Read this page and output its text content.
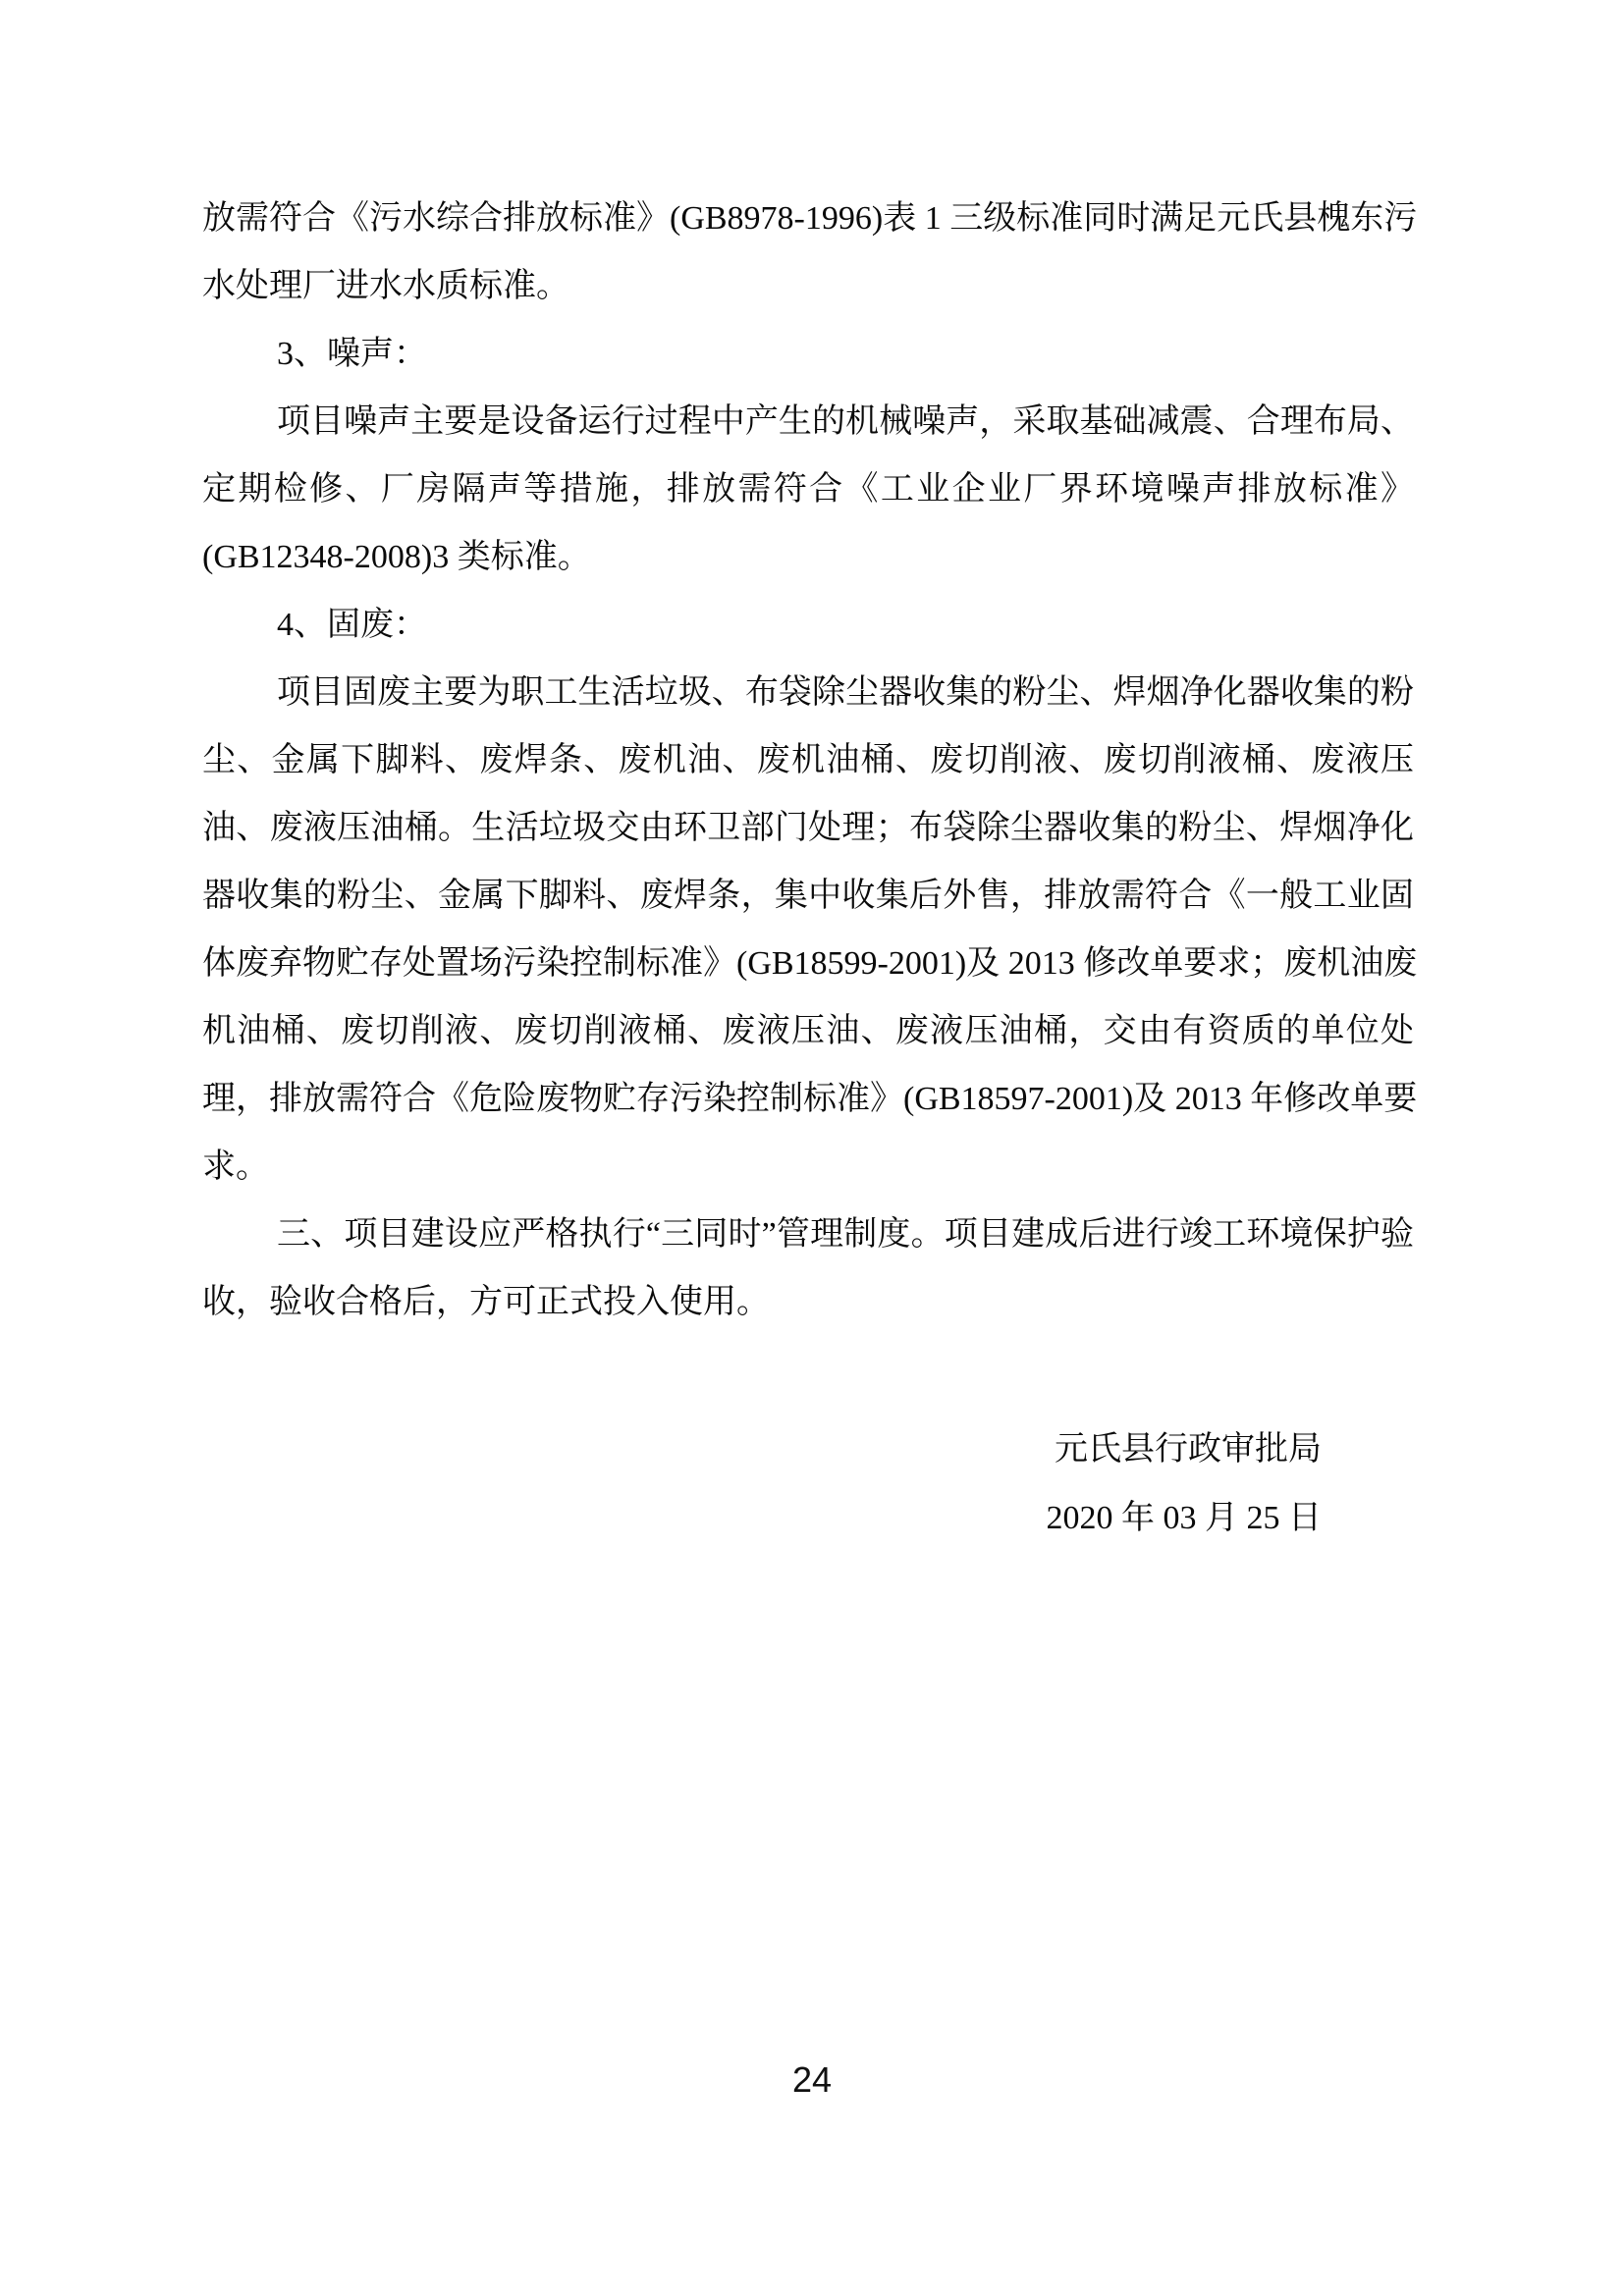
放需符合《污水综合排放标准》(GB8978-1996)表 1 三级标准同时满足元氏县槐东污
水处理厂进水水质标准。
3、噪声：
项目噪声主要是设备运行过程中产生的机械噪声，采取基础减震、合理布局、
定期检修、厂房隔声等措施，排放需符合《工业企业厂界环境噪声排放标准》
(GB12348-2008)3 类标准。
4、固废：
项目固废主要为职工生活垃圾、布袋除尘器收集的粉尘、焊烟净化器收集的粉
尘、金属下脚料、废焊条、废机油、废机油桶、废切削液、废切削液桶、废液压
油、废液压油桶。生活垃圾交由环卫部门处理；布袋除尘器收集的粉尘、焊烟净化
器收集的粉尘、金属下脚料、废焊条，集中收集后外售，排放需符合《一般工业固
体废弃物贮存处置场污染控制标准》(GB18599-2001)及 2013 修改单要求；废机油废
机油桶、废切削液、废切削液桶、废液压油、废液压油桶，交由有资质的单位处
理，排放需符合《危险废物贮存污染控制标准》(GB18597-2001)及 2013 年修改单要
求。
三、项目建设应严格执行“三同时”管理制度。项目建成后进行竣工环境保护验
收，验收合格后，方可正式投入使用。
元氏县行政审批局
2020 年 03 月 25 日
24
